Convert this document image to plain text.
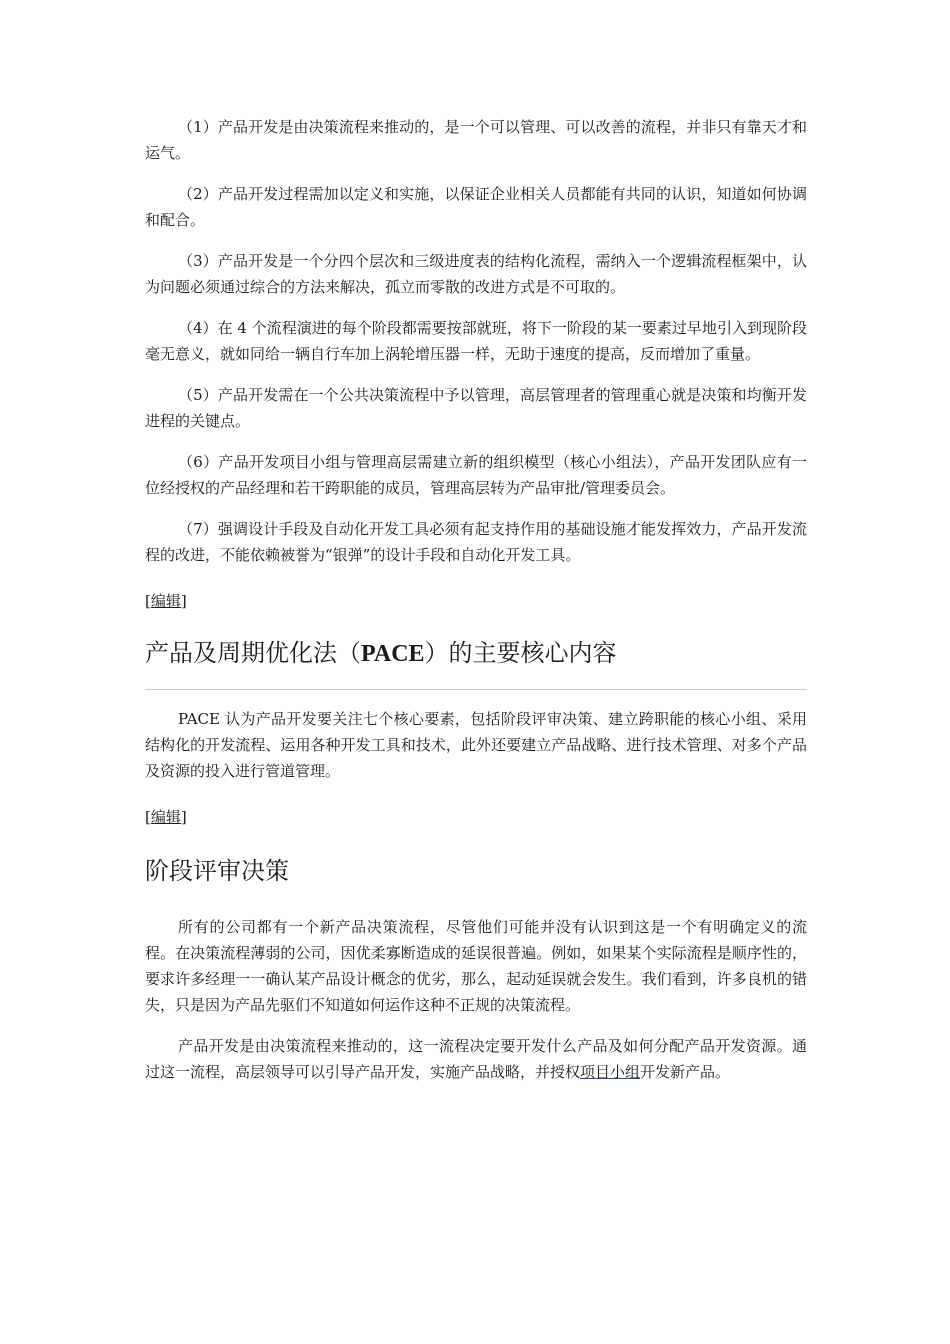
（1）产品开发是由决策流程来推动的，是一个可以管理、可以改善的流程，并非只有靠天才和运气。

（2）产品开发过程需加以定义和实施，以保证企业相关人员都能有共同的认识，知道如何协调和配合。

（3）产品开发是一个分四个层次和三级进度表的结构化流程，需纳入一个逻辑流程框架中，认为问题必须通过综合的方法来解决，孤立而零散的改进方式是不可取的。

（4）在 4 个流程演进的每个阶段都需要按部就班，将下一阶段的某一要素过早地引入到现阶段毫无意义，就如同给一辆自行车加上涡轮增压器一样，无助于速度的提高，反而增加了重量。

（5）产品开发需在一个公共决策流程中予以管理，高层管理者的管理重心就是决策和均衡开发进程的关键点。

（6）产品开发项目小组与管理高层需建立新的组织模型（核心小组法），产品开发团队应有一位经授权的产品经理和若干跨职能的成员，管理高层转为产品审批/管理委员会。

（7）强调设计手段及自动化开发工具必须有起支持作用的基础设施才能发挥效力，产品开发流程的改进，不能依赖被誉为“银弹”的设计手段和自动化开发工具。

[编辑]
产品及周期优化法（PACE）的主要核心内容

PACE 认为产品开发要关注七个核心要素，包括阶段评审决策、建立跨职能的核心小组、采用结构化的开发流程、运用各种开发工具和技术，此外还要建立产品战略、进行技术管理、对多个产品及资源的投入进行管道管理。

[编辑]
阶段评审决策

所有的公司都有一个新产品决策流程，尽管他们可能并没有认识到这是一个有明确定义的流程。在决策流程薄弱的公司，因优柔寡断造成的延误很普遍。例如，如果某个实际流程是顺序性的，要求许多经理一一确认某产品设计概念的优劣，那么，起动延误就会发生。我们看到，许多良机的错失，只是因为产品先驱们不知道如何运作这种不正规的决策流程。

产品开发是由决策流程来推动的，这一流程决定要开发什么产品及如何分配产品开发资源。通过这一流程，高层领导可以引导产品开发，实施产品战略，并授权项目小组开发新产品。
